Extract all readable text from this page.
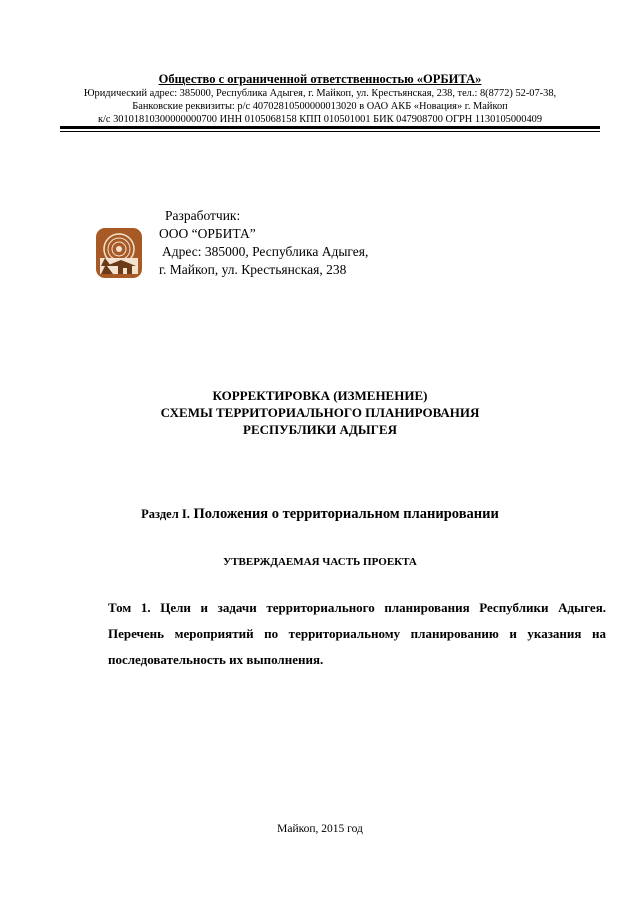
Общество с ограниченной ответственностью «ОРБИТА»
Юридический адрес: 385000, Республика Адыгея, г. Майкоп, ул. Крестьянская, 238, тел.: 8(8772) 52-07-38,
Банковские реквизиты: р/с 40702810500000013020 в ОАО АКБ «Новация» г. Майкоп
к/с 30101810300000000700 ИНН 0105068158 КПП 010501001 БИК 047908700 ОГРН 1130105000409
Разработчик:
ООО “ОРБИТА”
Адрес: 385000, Республика Адыгея,
г. Майкоп, ул. Крестьянская, 238
КОРРЕКТИРОВКА (ИЗМЕНЕНИЕ)
СХЕМЫ ТЕРРИТОРИАЛЬНОГО ПЛАНИРОВАНИЯ
РЕСПУБЛИКИ АДЫГЕЯ
Раздел I. Положения о территориальном планировании
УТВЕРЖДАЕМАЯ ЧАСТЬ ПРОЕКТА
Том 1. Цели и задачи территориального планирования Республики Адыгея. Перечень мероприятий по территориальному планированию и указания на последовательность их выполнения.
Майкоп, 2015 год
